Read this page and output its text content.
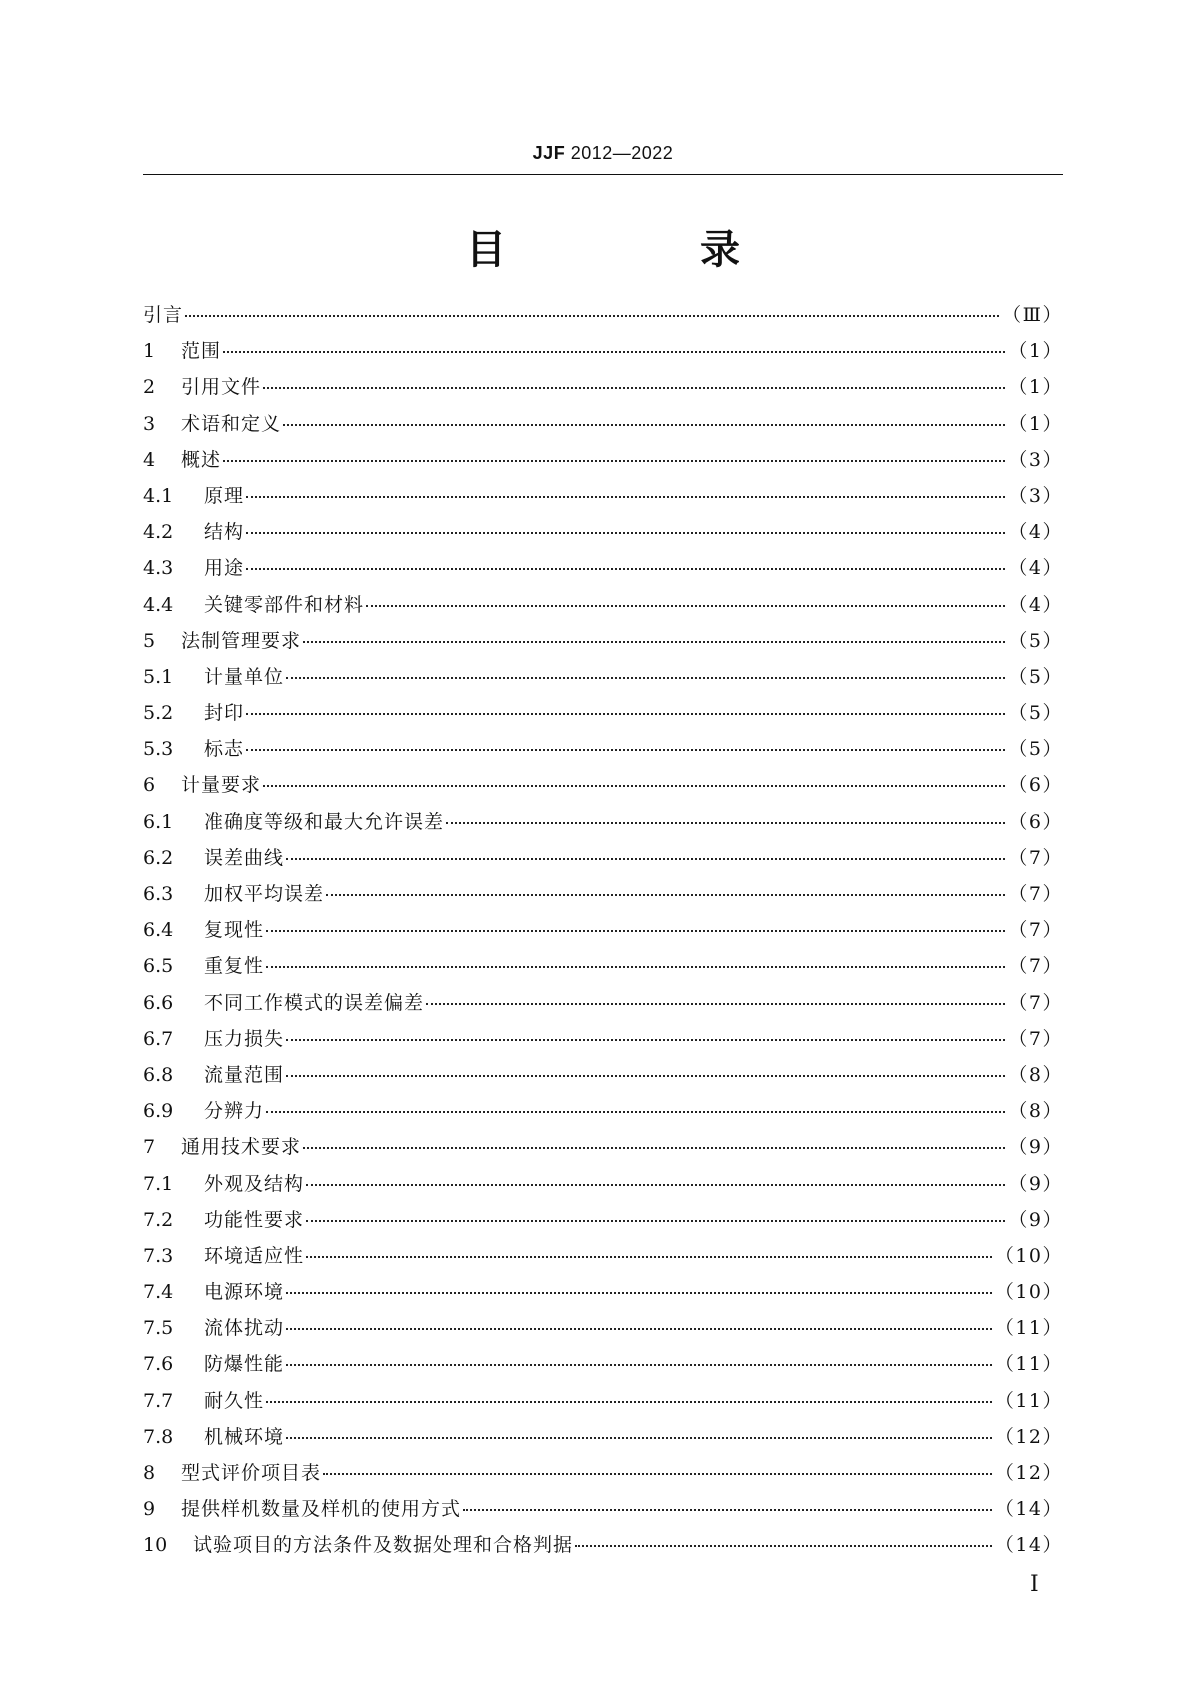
JJF 2012—2022
目 录
引言	（Ⅲ）
1	范围	（1）
2	引用文件	（1）
3	术语和定义	（1）
4	概述	（3）
4.1	原理	（3）
4.2	结构	（4）
4.3	用途	（4）
4.4	关键零部件和材料	（4）
5	法制管理要求	（5）
5.1	计量单位	（5）
5.2	封印	（5）
5.3	标志	（5）
6	计量要求	（6）
6.1	准确度等级和最大允许误差	（6）
6.2	误差曲线	（7）
6.3	加权平均误差	（7）
6.4	复现性	（7）
6.5	重复性	（7）
6.6	不同工作模式的误差偏差	（7）
6.7	压力损失	（7）
6.8	流量范围	（8）
6.9	分辨力	（8）
7	通用技术要求	（9）
7.1	外观及结构	（9）
7.2	功能性要求	（9）
7.3	环境适应性	（10）
7.4	电源环境	（10）
7.5	流体扰动	（11）
7.6	防爆性能	（11）
7.7	耐久性	（11）
7.8	机械环境	（12）
8	型式评价项目表	（12）
9	提供样机数量及样机的使用方式	（14）
10	试验项目的方法条件及数据处理和合格判据	（14）
Ⅰ
